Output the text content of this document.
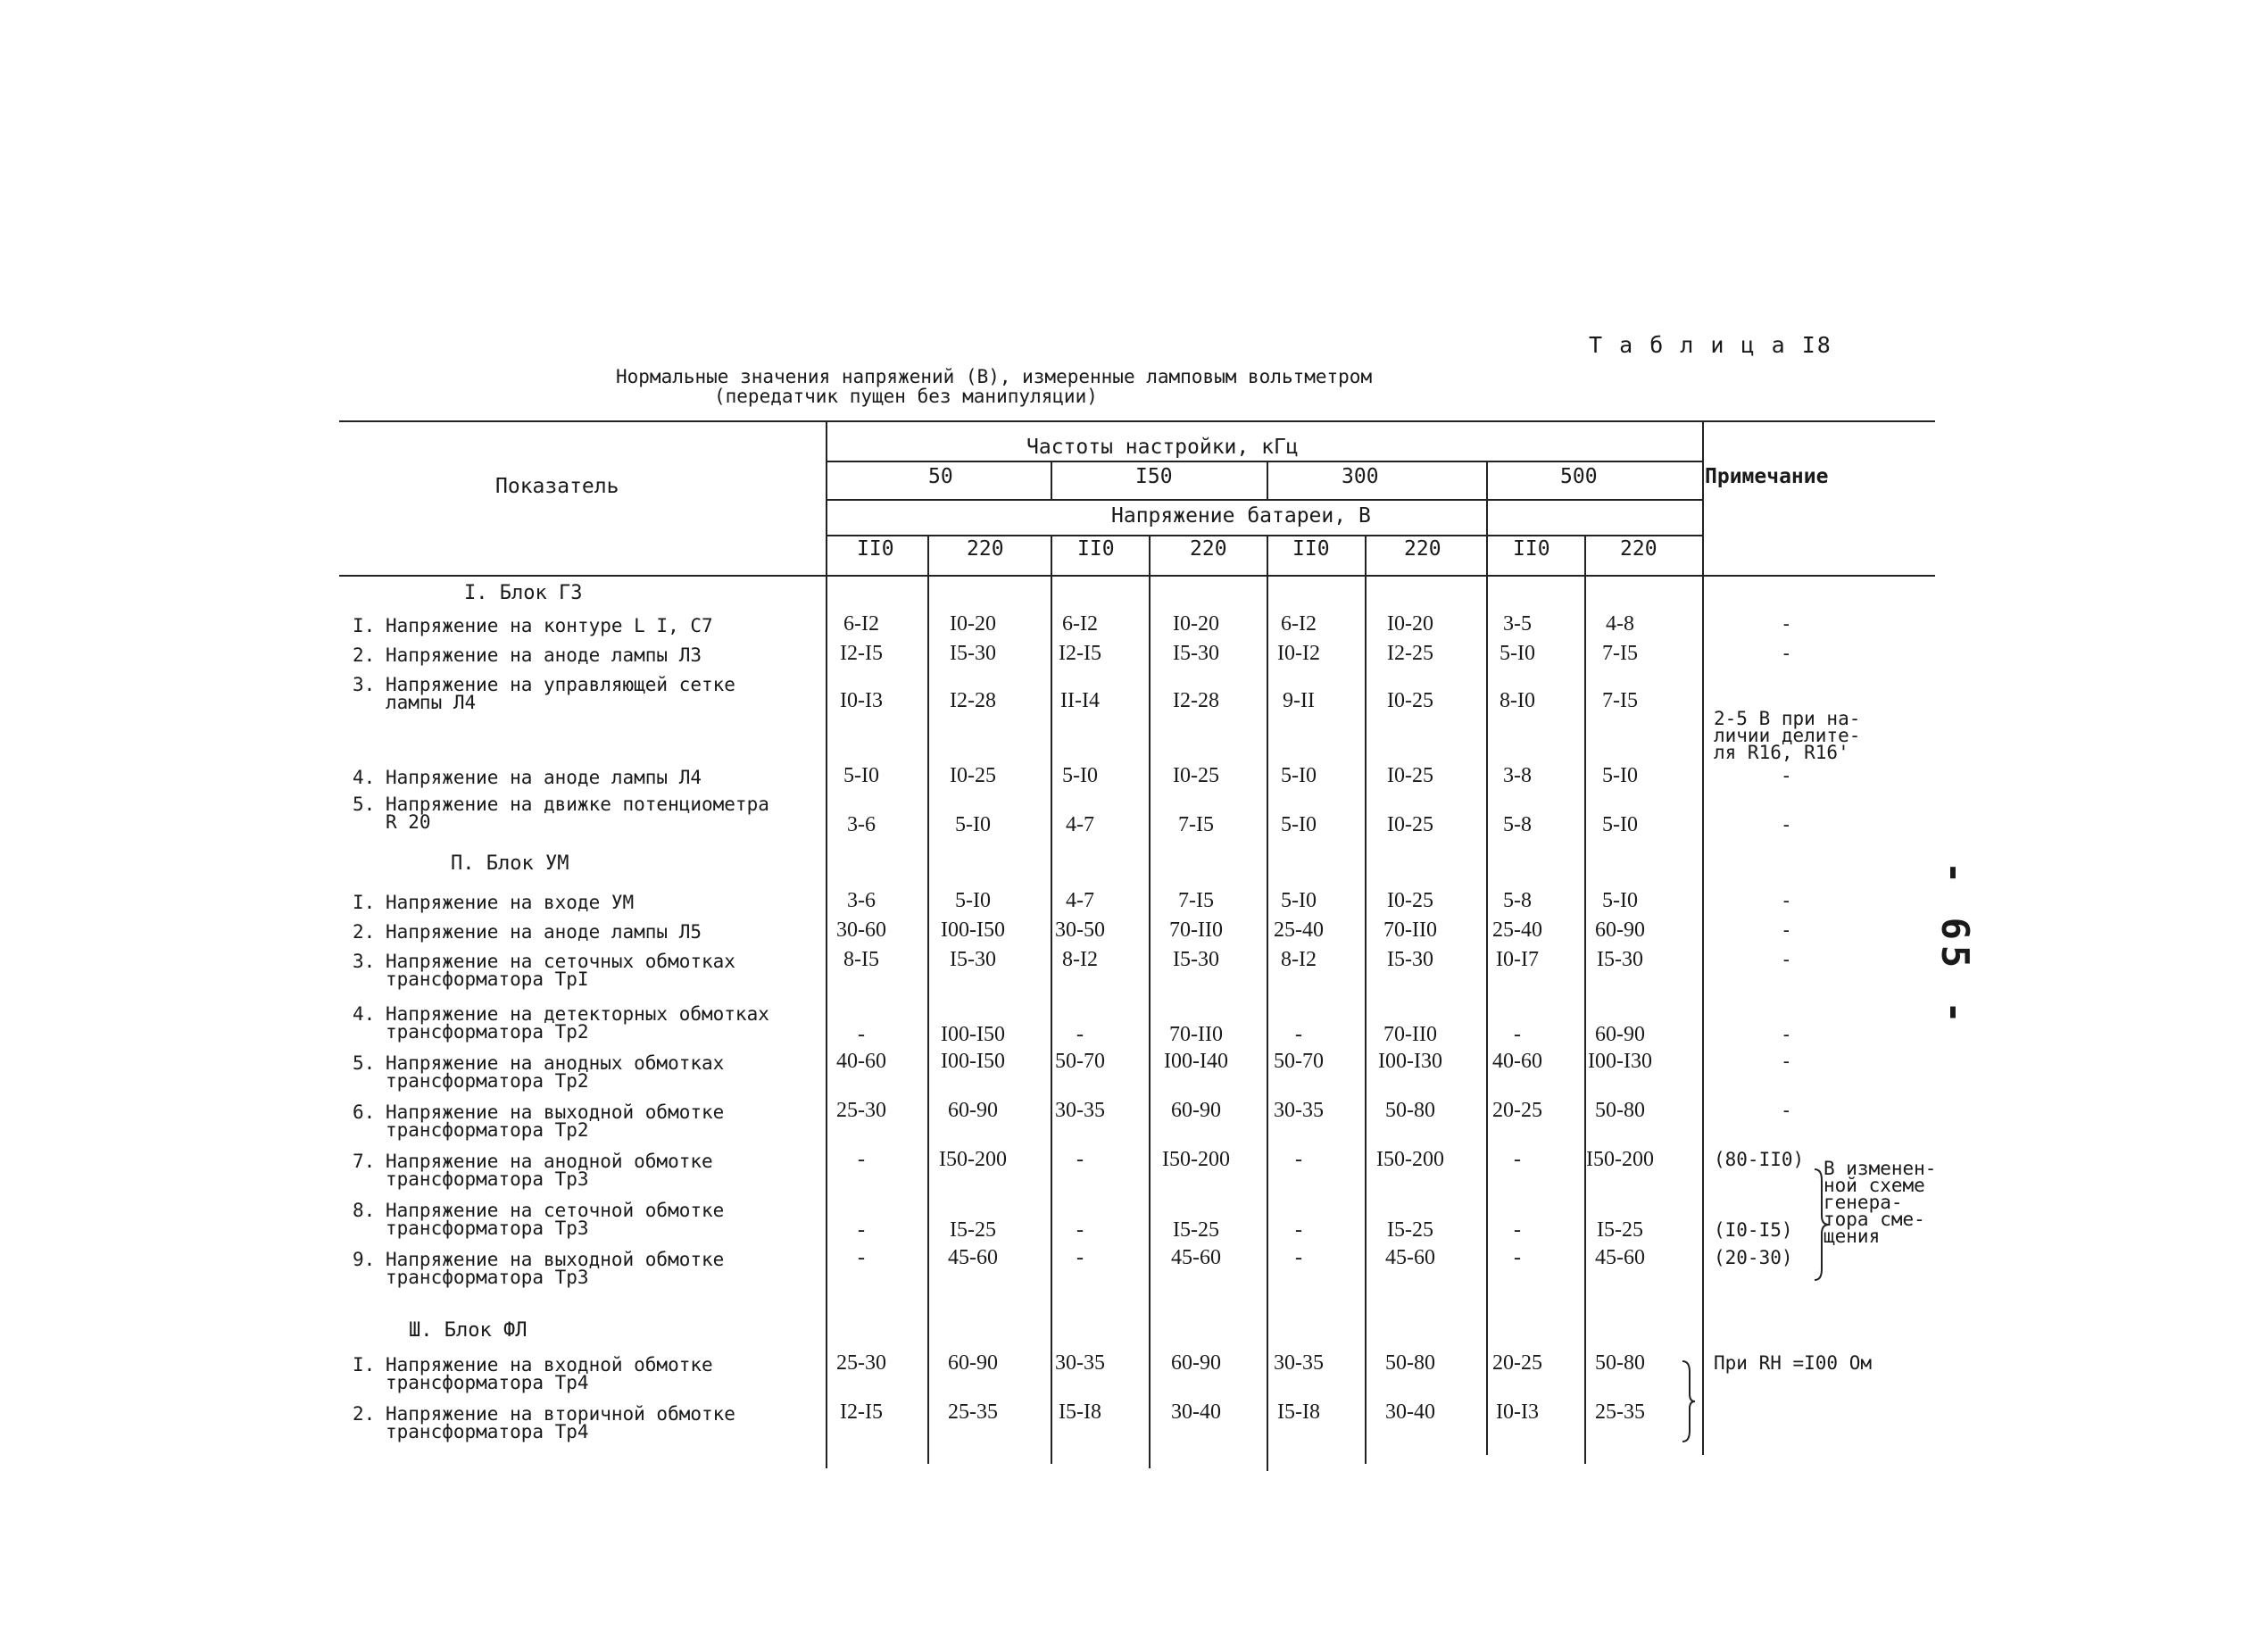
Т а б л и ц а I8
Нормальные значения напряжений (В), измеренные ламповым вольтметром
(передатчик пущен без манипуляции)
Показатель
Частоты настройки, кГц
50	I50	300	500	Примечание
Напряжение батареи, В
II0	220	II0	220	II0	220	II0	220
I. Блок ГЗ
I. Напряжение на контуре L I, C7	6-I2	I0-20	6-I2	I0-20	6-I2	I0-20	3-5	4-8	-
2. Напряжение на аноде лампы Л3	I2-I5	I5-30	I2-I5	I5-30	I0-I2	I2-25	5-I0	7-I5	-
3. Напряжение на управляющей сетке
лампы Л4	I0-I3	I2-28	II-I4	I2-28	9-II	I0-25	8-I0	7-I5
2-5 В при на-
личии делите-
ля R16, R16'
4. Напряжение на аноде лампы Л4	5-I0	I0-25	5-I0	I0-25	5-I0	I0-25	3-8	5-I0	-
5. Напряжение на движке потенциометра
R 20	3-6	5-I0	4-7	7-I5	5-I0	I0-25	5-8	5-I0	-
П. Блок УМ
I. Напряжение на входе УМ	3-6	5-I0	4-7	7-I5	5-I0	I0-25	5-8	5-I0	-
2. Напряжение на аноде лампы Л5	30-60	I00-I50	30-50	70-II0	25-40	70-II0	25-40	60-90	-
3. Напряжение на сеточных обмотках
трансформатора ТрI
8-I5	I5-30	8-I2	I5-30	8-I2	I5-30	I0-I7	I5-30	-
4. Напряжение на детекторных обмотках
трансформатора Тр2	-	I00-I50	-	70-II0	-	70-II0	-	60-90	-
5. Напряжение на анодных обмотках
трансформатора Тр2
40-60	I00-I50	50-70	I00-I40	50-70	I00-I30	40-60	I00-I30	-
6. Напряжение на выходной обмотке
трансформатора Тр2
25-30	60-90	30-35	60-90	30-35	50-80	20-25	50-80	-
7. Напряжение на анодной обмотке
трансформатора Тр3
-	I50-200	-	I50-200	-	I50-200	-	I50-200	(80-II0)
8. Напряжение на сеточной обмотке
трансформатора Тр3	-	I5-25	-	I5-25	-	I5-25	-	I5-25	(I0-I5)
9. Напряжение на выходной обмотке
трансформатора Тр3
-	45-60	-	45-60	-	45-60	-	45-60	(20-30)
Ш. Блок ФЛ
I. Напряжение на входной обмотке
трансформатора Тр4
25-30	60-90	30-35	60-90	30-35	50-80	20-25	50-80	При RН =I00 Ом
2. Напряжение на вторичной обмотке
трансформатора Тр4
I2-I5	25-35	I5-I8	30-40	I5-I8	30-40	I0-I3	25-35
В изменен-
ной схеме
генера-
тора сме-
щения
- 65 -
